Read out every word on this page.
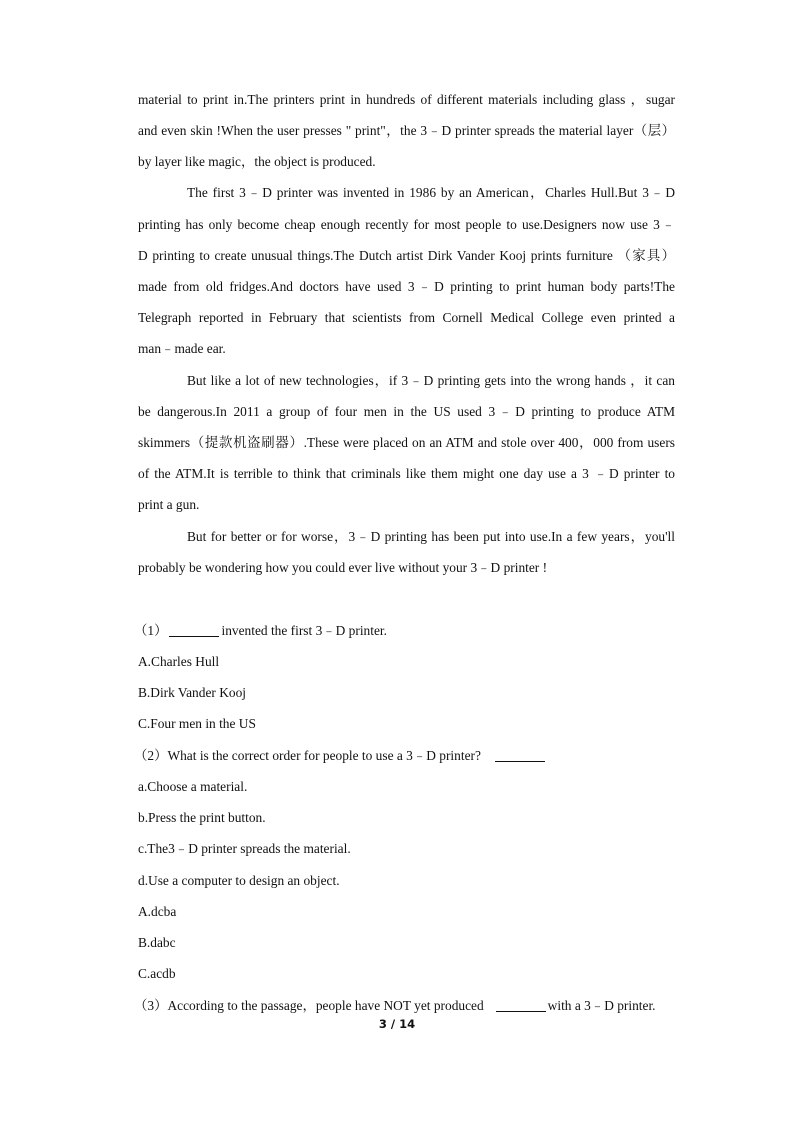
material to print in.The printers print in hundreds of different materials including glass ，sugar
and even skin !When the user presses " print"，the 3﹣D printer spreads the material layer（层）
by layer like magic，the object is produced.
The first 3﹣D printer was invented in 1986 by an American，Charles Hull.But 3﹣D
printing has only become cheap enough recently for most people to use.Designers now use 3﹣
D printing to create unusual things.The Dutch artist Dirk Vander Kooj prints furniture （家具）
made from old fridges.And doctors have used 3﹣D printing to print human body parts!The
Telegraph reported in February that scientists from Cornell Medical College even printed a
man﹣made ear.
But like a lot of new technologies，if 3﹣D printing gets into the wrong hands ，it can
be dangerous.In 2011 a group of four men in the US used 3﹣D printing to produce ATM
skimmers（提款机盗刷器）.These were placed on an ATM and stole over 400，000 from users
of the ATM.It is terrible to think that criminals like them might one day use a 3 ﹣D printer to
print a gun.
But for better or for worse，3﹣D printing has been put into use.In a few years，you'll
probably be wondering how you could ever live without your 3﹣D printer !
（1）	invented the first 3﹣D printer.
A.Charles Hull
B.Dirk Vander Kooj
C.Four men in the US
（2）What is the correct order for people to use a 3﹣D printer?
a.Choose a material.
b.Press the print button.
c.The3﹣D printer spreads the material.
d.Use a computer to design an object.
A.dcba
B.dabc
C.acdb
（3）According to the passage，people have NOT yet produced	with a 3﹣D printer.
3 / 14
